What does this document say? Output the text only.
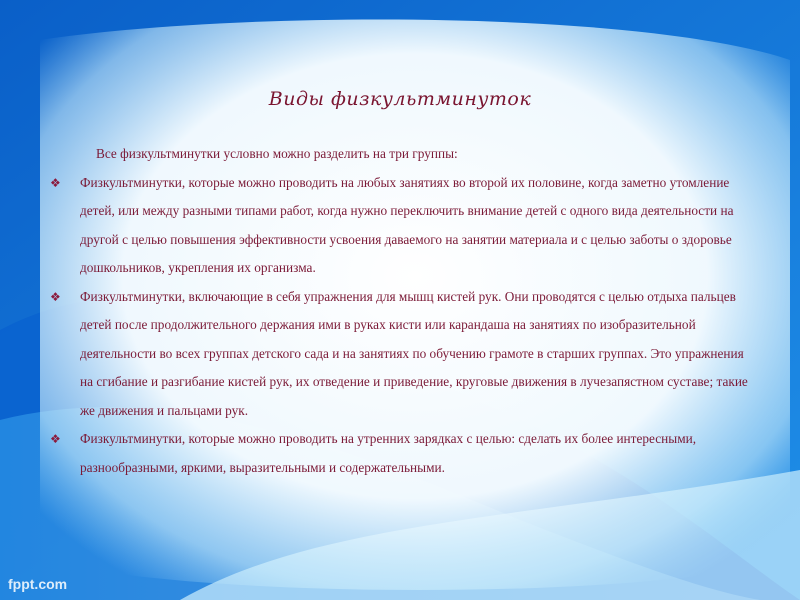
Виды физкультминуток

Все физкультминутки условно можно разделить на три группы:

❖	Физкультминутки, которые можно проводить на любых занятиях во второй их половине, когда заметно утомление детей, или между разными типами работ, когда нужно переключить внимание детей с одного вида деятельности на другой с целью повышения эффективности усвоения даваемого на занятии материала и с целью заботы о здоровье дошкольников, укрепления их организма.

❖	Физкультминутки, включающие в себя упражнения для мышц кистей рук. Они проводятся с целью отдыха пальцев детей после продолжительного держания ими в руках кисти или карандаша на занятиях по изобразительной деятельности во всех группах детского сада и на занятиях по обучению грамоте в старших группах. Это упражнения на сгибание и разгибание кистей рук, их отведение и приведение, круговые движения в лучезапястном суставе; такие же движения и пальцами рук.

❖	Физкультминутки, которые можно проводить на утренних зарядках с целью: сделать их более интересными, разнообразными, яркими, выразительными и содержательными.

fppt.com
